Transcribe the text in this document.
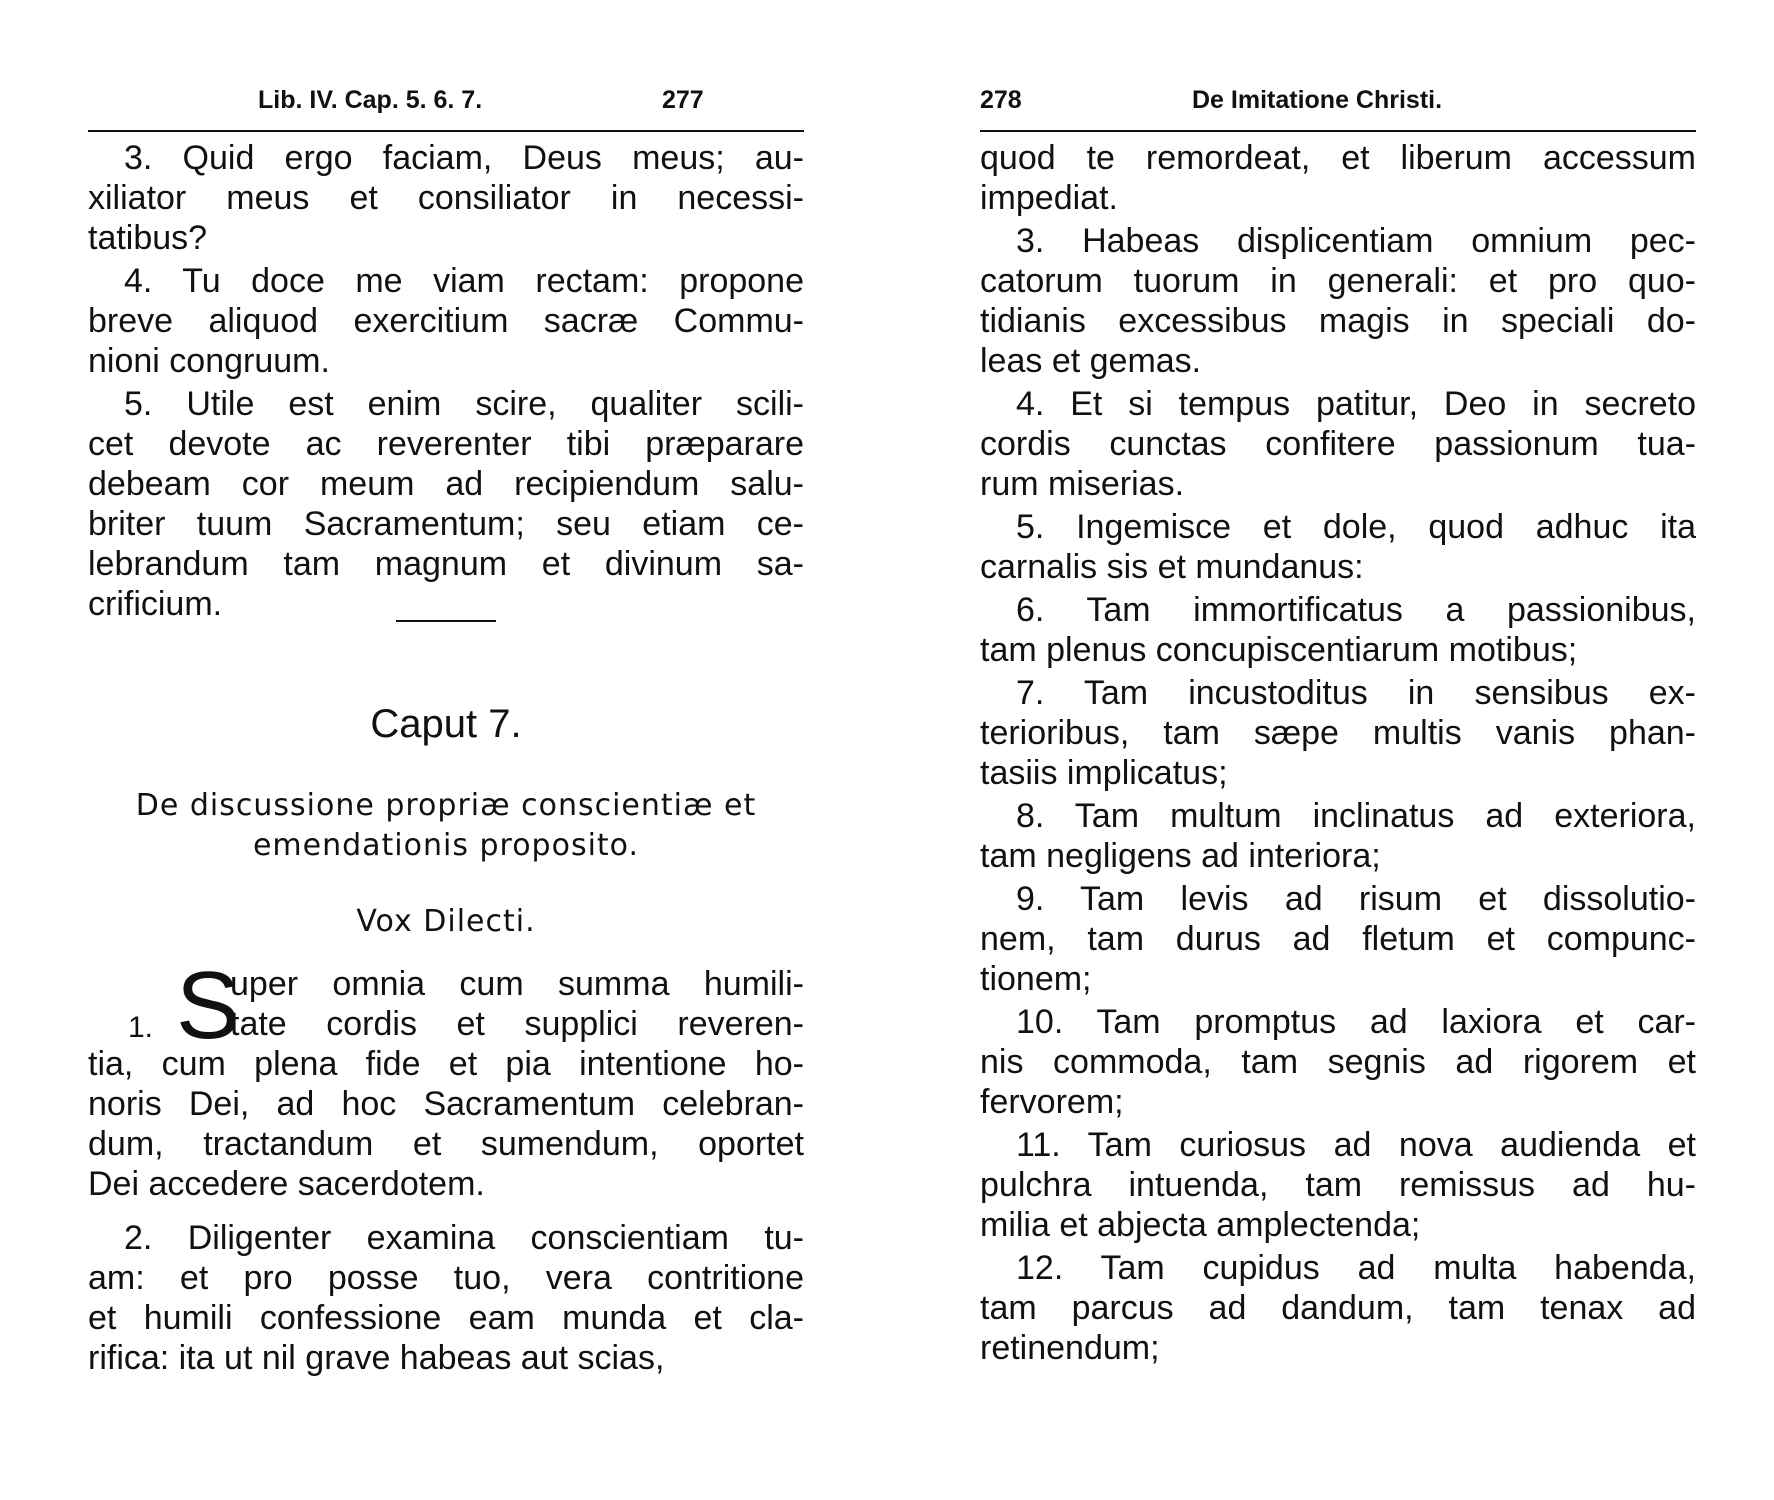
Lib. IV. Cap. 5. 6. 7.	277
3. Quid ergo faciam, Deus meus; au-
xiliator meus et consiliator in necessi-
tatibus?
4. Tu doce me viam rectam: propone
breve aliquod exercitium sacræ Commu-
nioni congruum.
5. Utile est enim scire, qualiter scili-
cet devote ac reverenter tibi præparare
debeam cor meum ad recipiendum salu-
briter tuum Sacramentum; seu etiam ce-
lebrandum tam magnum et divinum sa-
crificium.
Caput 7.
De discussione propriæ conscientiæ et
emendationis proposito.
Vox Dilecti.
1. S
uper omnia cum summa humili-
tate cordis et supplici reveren-
tia, cum plena fide et pia intentione ho-
noris Dei, ad hoc Sacramentum celebran-
dum, tractandum et sumendum, oportet
Dei accedere sacerdotem.
2. Diligenter examina conscientiam tu-
am: et pro posse tuo, vera contritione
et humili confessione eam munda et cla-
rifica: ita ut nil grave habeas aut scias,
278	De Imitatione Christi.
quod te remordeat, et liberum accessum
impediat.
3. Habeas displicentiam omnium pec-
catorum tuorum in generali: et pro quo-
tidianis excessibus magis in speciali do-
leas et gemas.
4. Et si tempus patitur, Deo in secreto
cordis cunctas confitere passionum tua-
rum miserias.
5. Ingemisce et dole, quod adhuc ita
carnalis sis et mundanus:
6. Tam immortificatus a passionibus,
tam plenus concupiscentiarum motibus;
7. Tam incustoditus in sensibus ex-
terioribus, tam sæpe multis vanis phan-
tasiis implicatus;
8. Tam multum inclinatus ad exteriora,
tam negligens ad interiora;
9. Tam levis ad risum et dissolutio-
nem, tam durus ad fletum et compunc-
tionem;
10. Tam promptus ad laxiora et car-
nis commoda, tam segnis ad rigorem et
fervorem;
11. Tam curiosus ad nova audienda et
pulchra intuenda, tam remissus ad hu-
milia et abjecta amplectenda;
12. Tam cupidus ad multa habenda,
tam parcus ad dandum, tam tenax ad
retinendum;
